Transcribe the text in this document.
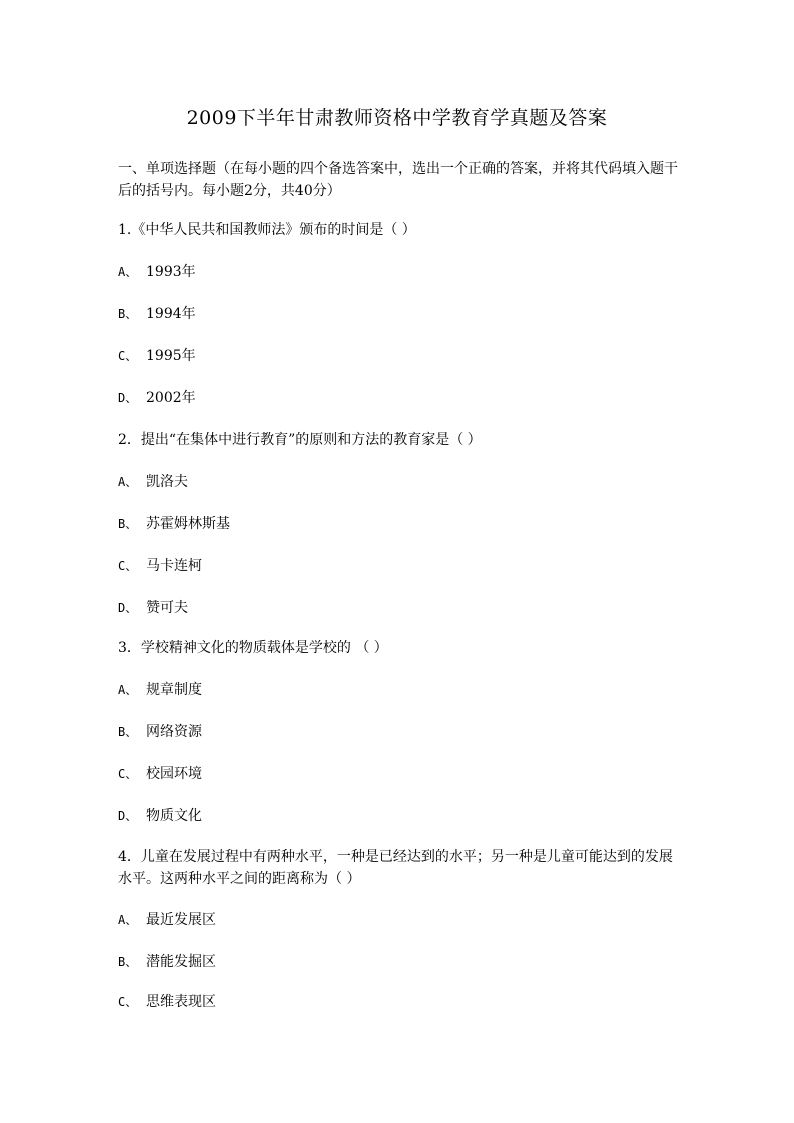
2009下半年甘肃教师资格中学教育学真题及答案

一、单项选择题（在每小题的四个备选答案中，选出一个正确的答案，并将其代码填入题干后的括号内。每小题2分，共40分）

1.《中华人民共和国教师法》颁布的时间是（ ）
A、 1993年
B、 1994年
C、 1995年
D、 2002年
2．提出“在集体中进行教育”的原则和方法的教育家是（ ）
A、 凯洛夫
B、 苏霍姆林斯基
C、 马卡连柯
D、 赞可夫
3．学校精神文化的物质载体是学校的 （ ）
A、 规章制度
B、 网络资源
C、 校园环境
D、 物质文化
4．儿童在发展过程中有两种水平，一种是已经达到的水平；另一种是儿童可能达到的发展水平。这两种水平之间的距离称为（ ）
A、 最近发展区
B、 潜能发掘区
C、 思维表现区
